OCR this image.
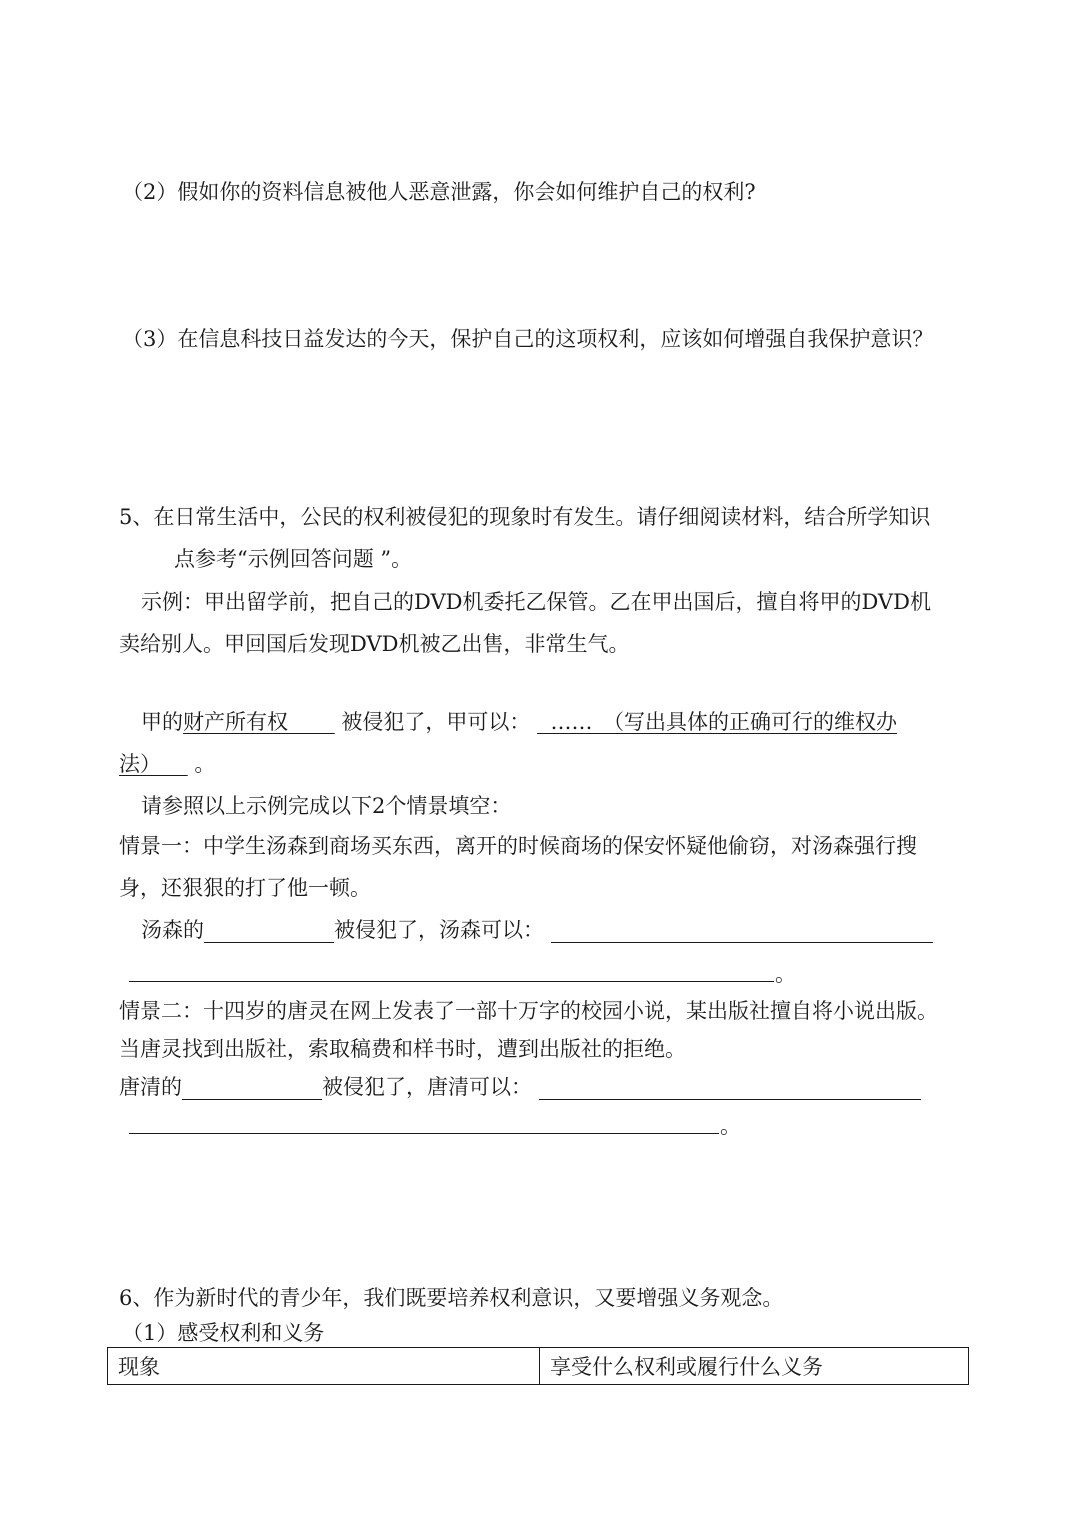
（2）假如你的资料信息被他人恶意泄露，你会如何维护自己的权利?
（3）在信息科技日益发达的今天，保护自己的这项权利，应该如何增强自我保护意识？
5、在日常生活中，公民的权利被侵犯的现象时有发生。请仔细阅读材料，结合所学知识
点参考“示例回答问题 ”。
示例：甲出留学前，把自己的DVD机委托乙保管。乙在甲出国后，擅自将甲的DVD机
卖给别人。甲回国后发现DVD机被乙出售，非常生气。
甲的财产所有权	被侵犯了，甲可以： ……　（写出具体的正确可行的维权办
法） 。
请参照以上示例完成以下2个情景填空：
情景一：中学生汤森到商场买东西，离开的时候商场的保安怀疑他偷窃，对汤森强行搜
身，还狠狠的打了他一顿。
汤森的	被侵犯了，汤森可以：
。
情景二：十四岁的唐灵在网上发表了一部十万字的校园小说，某出版社擅自将小说出版。
当唐灵找到出版社，索取稿费和样书时，遭到出版社的拒绝。
唐清的	被侵犯了，唐清可以：
。
6、作为新时代的青少年，我们既要培养权利意识，又要增强义务观念。
（1）感受权利和义务
现象	享受什么权利或履行什么义务
